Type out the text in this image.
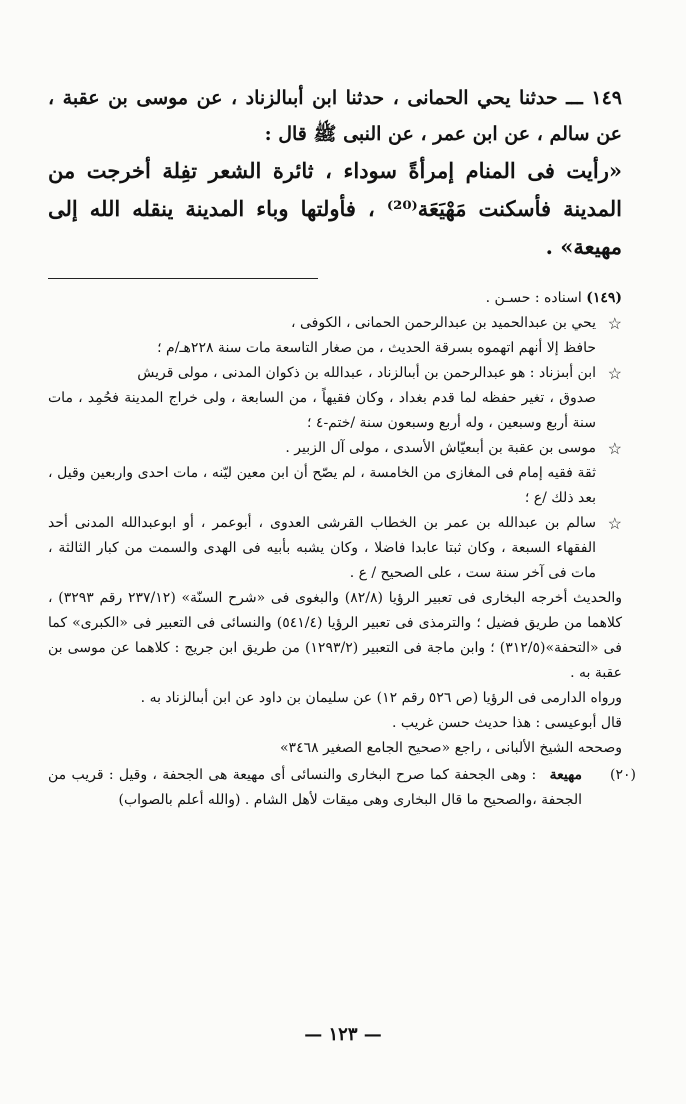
١٤٩ ـــ حدثنا يحي الحمانى ، حدثنا ابن أبىالزناد ، عن موسى بن عقبة ، عن سالم ، عن ابن عمر ، عن النبى ﷺ قال :
«رأيت فى المنام إمرأةً سوداء ، ثائرة الشعر تفِلة أخرجت من المدينة فأسكنت مَهْيَعَة⁽²⁰⁾ ، فأولتها وباء المدينة ينقله الله إلى مهيعة» .
(١٤٩) اسناده : حسـن .
☆
يحي بن عبدالحميد بن عبدالرحمن الحمانى ، الكوفى ،
حافظ إلا أنهم اتهموه بسرقة الحديث ، من صغار التاسعة مات سنة ٢٢٨هـ/م ؛
☆
ابن أبىزناد : هو عبدالرحمن بن أبىالزناد ، عبدالله بن ذكوان المدنى ، مولى قريش
صدوق ، تغير حفظه لما قدم بغداد ، وكان فقيهاً ، من السابعة ، ولى خراج المدينة فحُمِد ، مات سنة أربع وسبعين ، وله أربع وسبعون سنة /ختم-٤ ؛
☆
موسى بن عقبة بن أبىعيّاش الأسدى ، مولى آل الزبير .
ثقة فقيه إمام فى المغازى من الخامسة ، لم يصّح أن ابن معين ليّنه ، مات احدى واربعين وقيل ، بعد ذلك /ع ؛
☆
سالم بن عبدالله بن عمر بن الخطاب القرشى العدوى ، أبوعمر ، أو ابوعبدالله المدنى أحد الفقهاء السبعة ، وكان ثبتا عابدا فاضلا ، وكان يشبه بأبيه فى الهدى والسمت من كبار الثالثة ، مات فى آخر سنة ست ، على الصحيح / ع .
والحديث أخرجه البخارى فى تعبير الرؤيا (٨٢/٨) والبغوى فى «شرح السنّة» (٢٣٧/١٢ رقم ٣٢٩٣) ، كلاهما من طريق فضيل ؛ والترمذى فى تعبير الرؤيا (٥٤١/٤) والنسائى فى التعبير فى «الكبرى» كما فى «التحفة»(٣١٢/٥) ؛ وابن ماجة فى التعبير (١٢٩٣/٢) من طريق ابن جريج : كلاهما عن موسى بن عقبة به .
ورواه الدارمى فى الرؤيا (ص ٥٢٦ رقم ١٢) عن سليمان بن داود عن ابن أبىالزناد به .
قال أبوعيسى : هذا حديث حسن غريب .
وصححه الشيخ الألبانى ، راجع «صحيح الجامع الصغير ٣٤٦٨»
(٢٠)
مهيعة : وهى الجحفة كما صرح البخارى والنسائى أى مهيعة هى الجحفة ، وقيل : قريب من الجحفة ،والصحيح ما قال البخارى وهى ميقات لأهل الشام . (والله أعلم بالصواب)
— ١٢٣ —
